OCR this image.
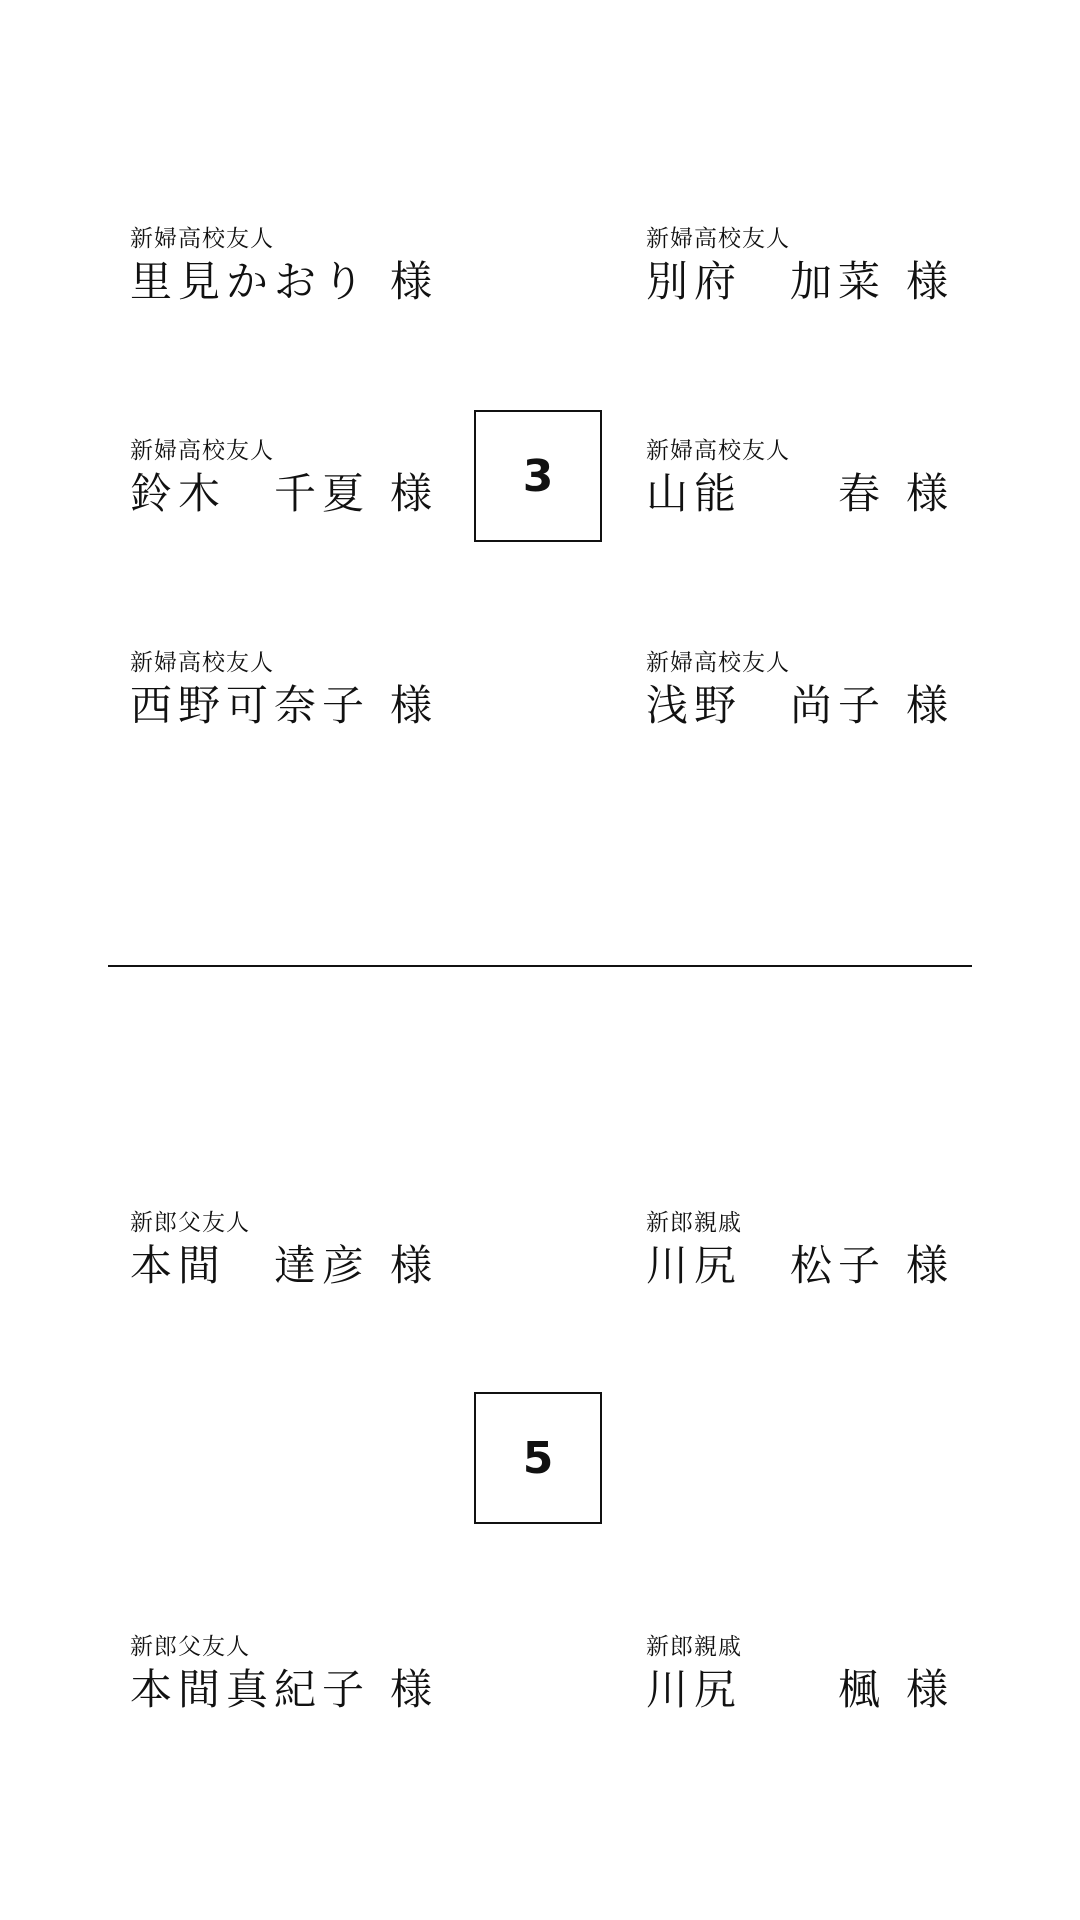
新婦高校友人
里見かおり 様
新婦高校友人
鈴木 千夏 様
新婦高校友人
西野可奈子 様
新婦高校友人
別府 加菜 様
新婦高校友人
山能 春 様
新婦高校友人
浅野 尚子 様
3
新郎父友人
本間 達彦 様
新郎父友人
本間真紀子 様
新郎親戚
川尻 松子 様
新郎親戚
川尻 楓 様
5
